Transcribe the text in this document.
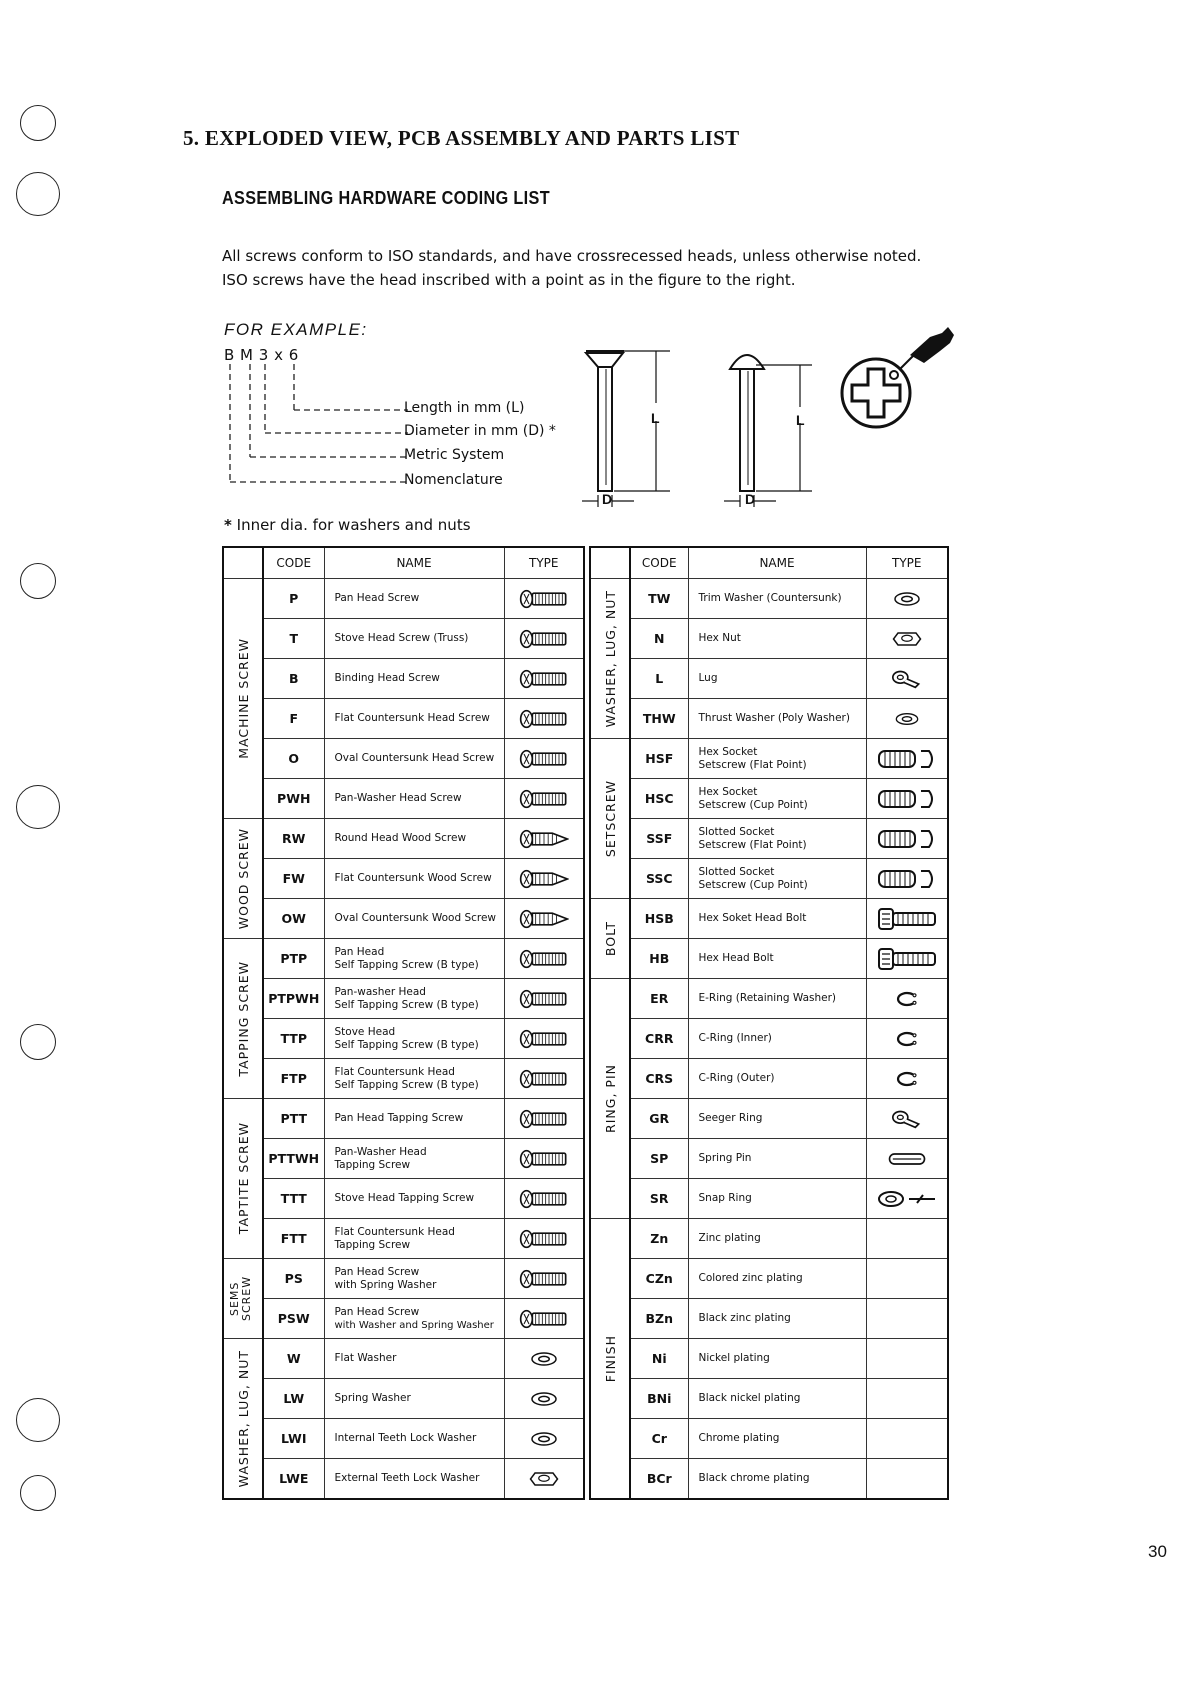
5. EXPLODED VIEW, PCB ASSEMBLY AND PARTS LIST
ASSEMBLING HARDWARE CODING LIST
All screws conform to ISO standards, and have crossrecessed heads, unless otherwise noted.
ISO screws have the head inscribed with a point as in the figure to the right.
FOR EXAMPLE:
B M 3 x 6
Length in mm (L)
Diameter in mm (D) *
Metric System
Nomenclature
L
D
L
D
* Inner dia. for washers and nuts
30
	CODE	NAME	TYPE

MACHINE SCREW	P	Pan Head Screw	

	T	Stove Head Screw (Truss)	

	B	Binding Head Screw	

	F	Flat Countersunk Head Screw	

	O	Oval Countersunk Head Screw	

	PWH	Pan-Washer Head Screw	

WOOD SCREW	RW	Round Head Wood Screw	

	FW	Flat Countersunk Wood Screw	

	OW	Oval Countersunk Wood Screw	

TAPPING SCREW	PTP	Pan Head
Self Tapping Screw (B type)

	PTPWH	Pan-washer Head
Self Tapping Screw (B type)

	TTP	Stove Head
Self Tapping Screw (B type)

	FTP	Flat Countersunk Head
Self Tapping Screw (B type)

TAPTITE SCREW	PTT	Pan Head Tapping Screw	

	PTTWH	Pan-Washer Head
Tapping Screw

	TTT	Stove Head Tapping Screw	

	FTT	Flat Countersunk Head
Tapping Screw

SEMS SCREW	PS	Pan Head Screw
with Spring Washer

	PSW	Pan Head Screw
with Washer and Spring Washer

WASHER, LUG, NUT	W	Flat Washer	

	LW	Spring Washer	

	LWI	Internal Teeth Lock Washer	

	LWE	External Teeth Lock Washer	
	CODE	NAME	TYPE

WASHER, LUG, NUT	TW	Trim Washer (Countersunk)	

	N	Hex Nut	

	L	Lug	

	THW	Thrust Washer (Poly Washer)	

SETSCREW	HSF	Hex Socket
Setscrew (Flat Point)

	HSC	Hex Socket
Setscrew (Cup Point)

	SSF	Slotted Socket
Setscrew (Flat Point)

	SSC	Slotted Socket
Setscrew (Cup Point)

BOLT	HSB	Hex Soket Head Bolt	

	HB	Hex Head Bolt	

RING, PIN	ER	E-Ring (Retaining Washer)	

	CRR	C-Ring (Inner)	

	CRS	C-Ring (Outer)	

	GR	Seeger Ring	

	SP	Spring Pin	

	SR	Snap Ring	

FINISH	Zn	Zinc plating	
	CZn	Colored zinc plating	
	BZn	Black zinc plating	
	Ni	Nickel plating	
	BNi	Black nickel plating	
	Cr	Chrome plating	
	BCr	Black chrome plating	
